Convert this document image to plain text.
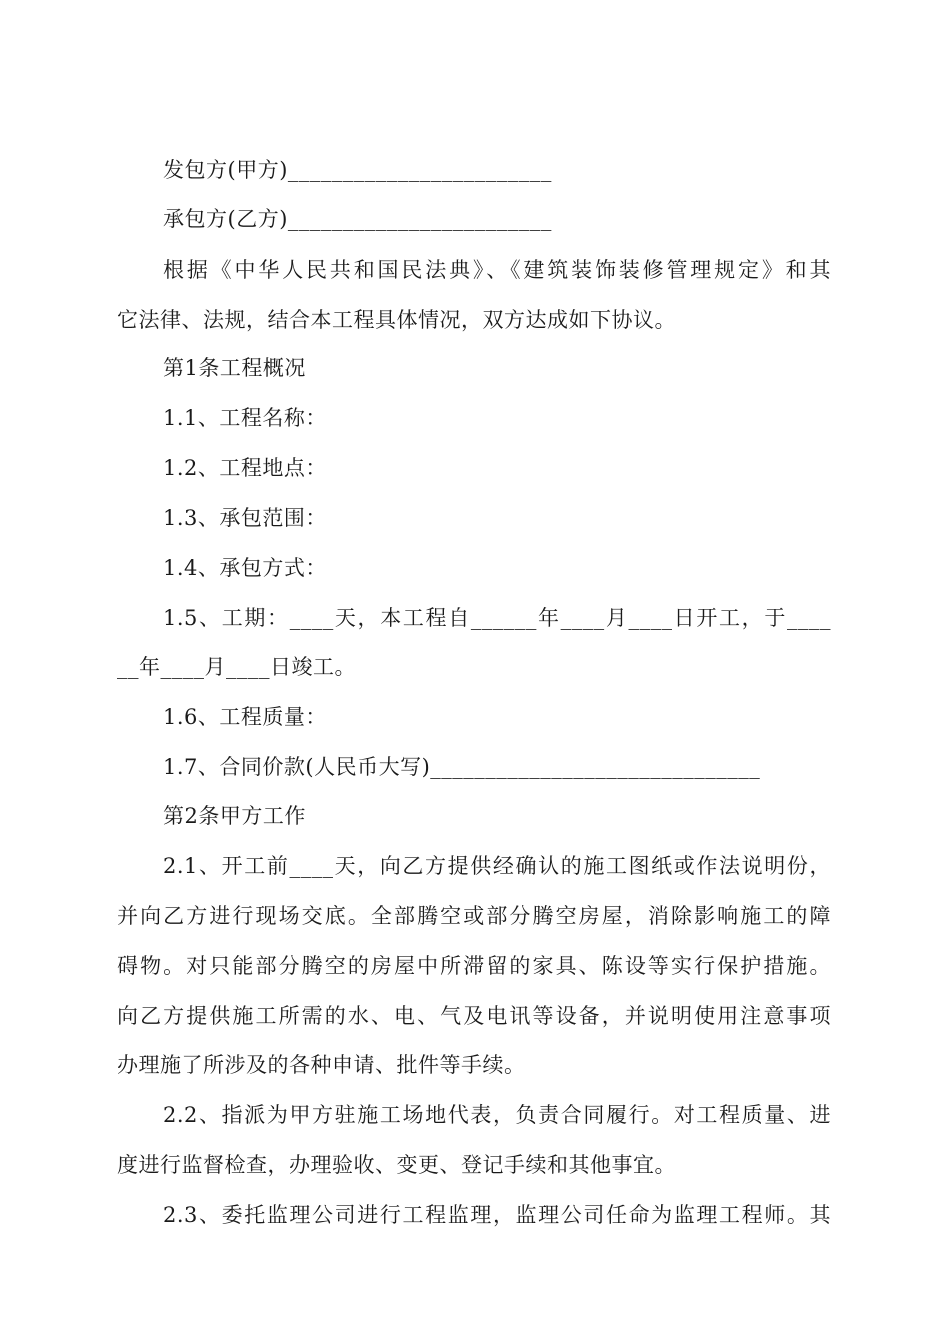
发包方(甲方)________________________
承包方(乙方)________________________
根据《中华人民共和国民法典》、《建筑装饰装修管理规定》和其
它法律、法规，结合本工程具体情况，双方达成如下协议。
第1条工程概况
1.1、工程名称：
1.2、工程地点：
1.3、承包范围：
1.4、承包方式：
1.5、工期：____天，本工程自______年____月____日开工，于____
__年____月____日竣工。
1.6、工程质量：
1.7、合同价款(人民币大写)______________________________
第2条甲方工作
2.1、开工前____天，向乙方提供经确认的施工图纸或作法说明份，
并向乙方进行现场交底。全部腾空或部分腾空房屋，消除影响施工的障
碍物。对只能部分腾空的房屋中所滞留的家具、陈设等实行保护措施。
向乙方提供施工所需的水、电、气及电讯等设备，并说明使用注意事项
办理施了所涉及的各种申请、批件等手续。
2.2、指派为甲方驻施工场地代表，负责合同履行。对工程质量、进
度进行监督检查，办理验收、变更、登记手续和其他事宜。
2.3、委托监理公司进行工程监理，监理公司任命为监理工程师。其
